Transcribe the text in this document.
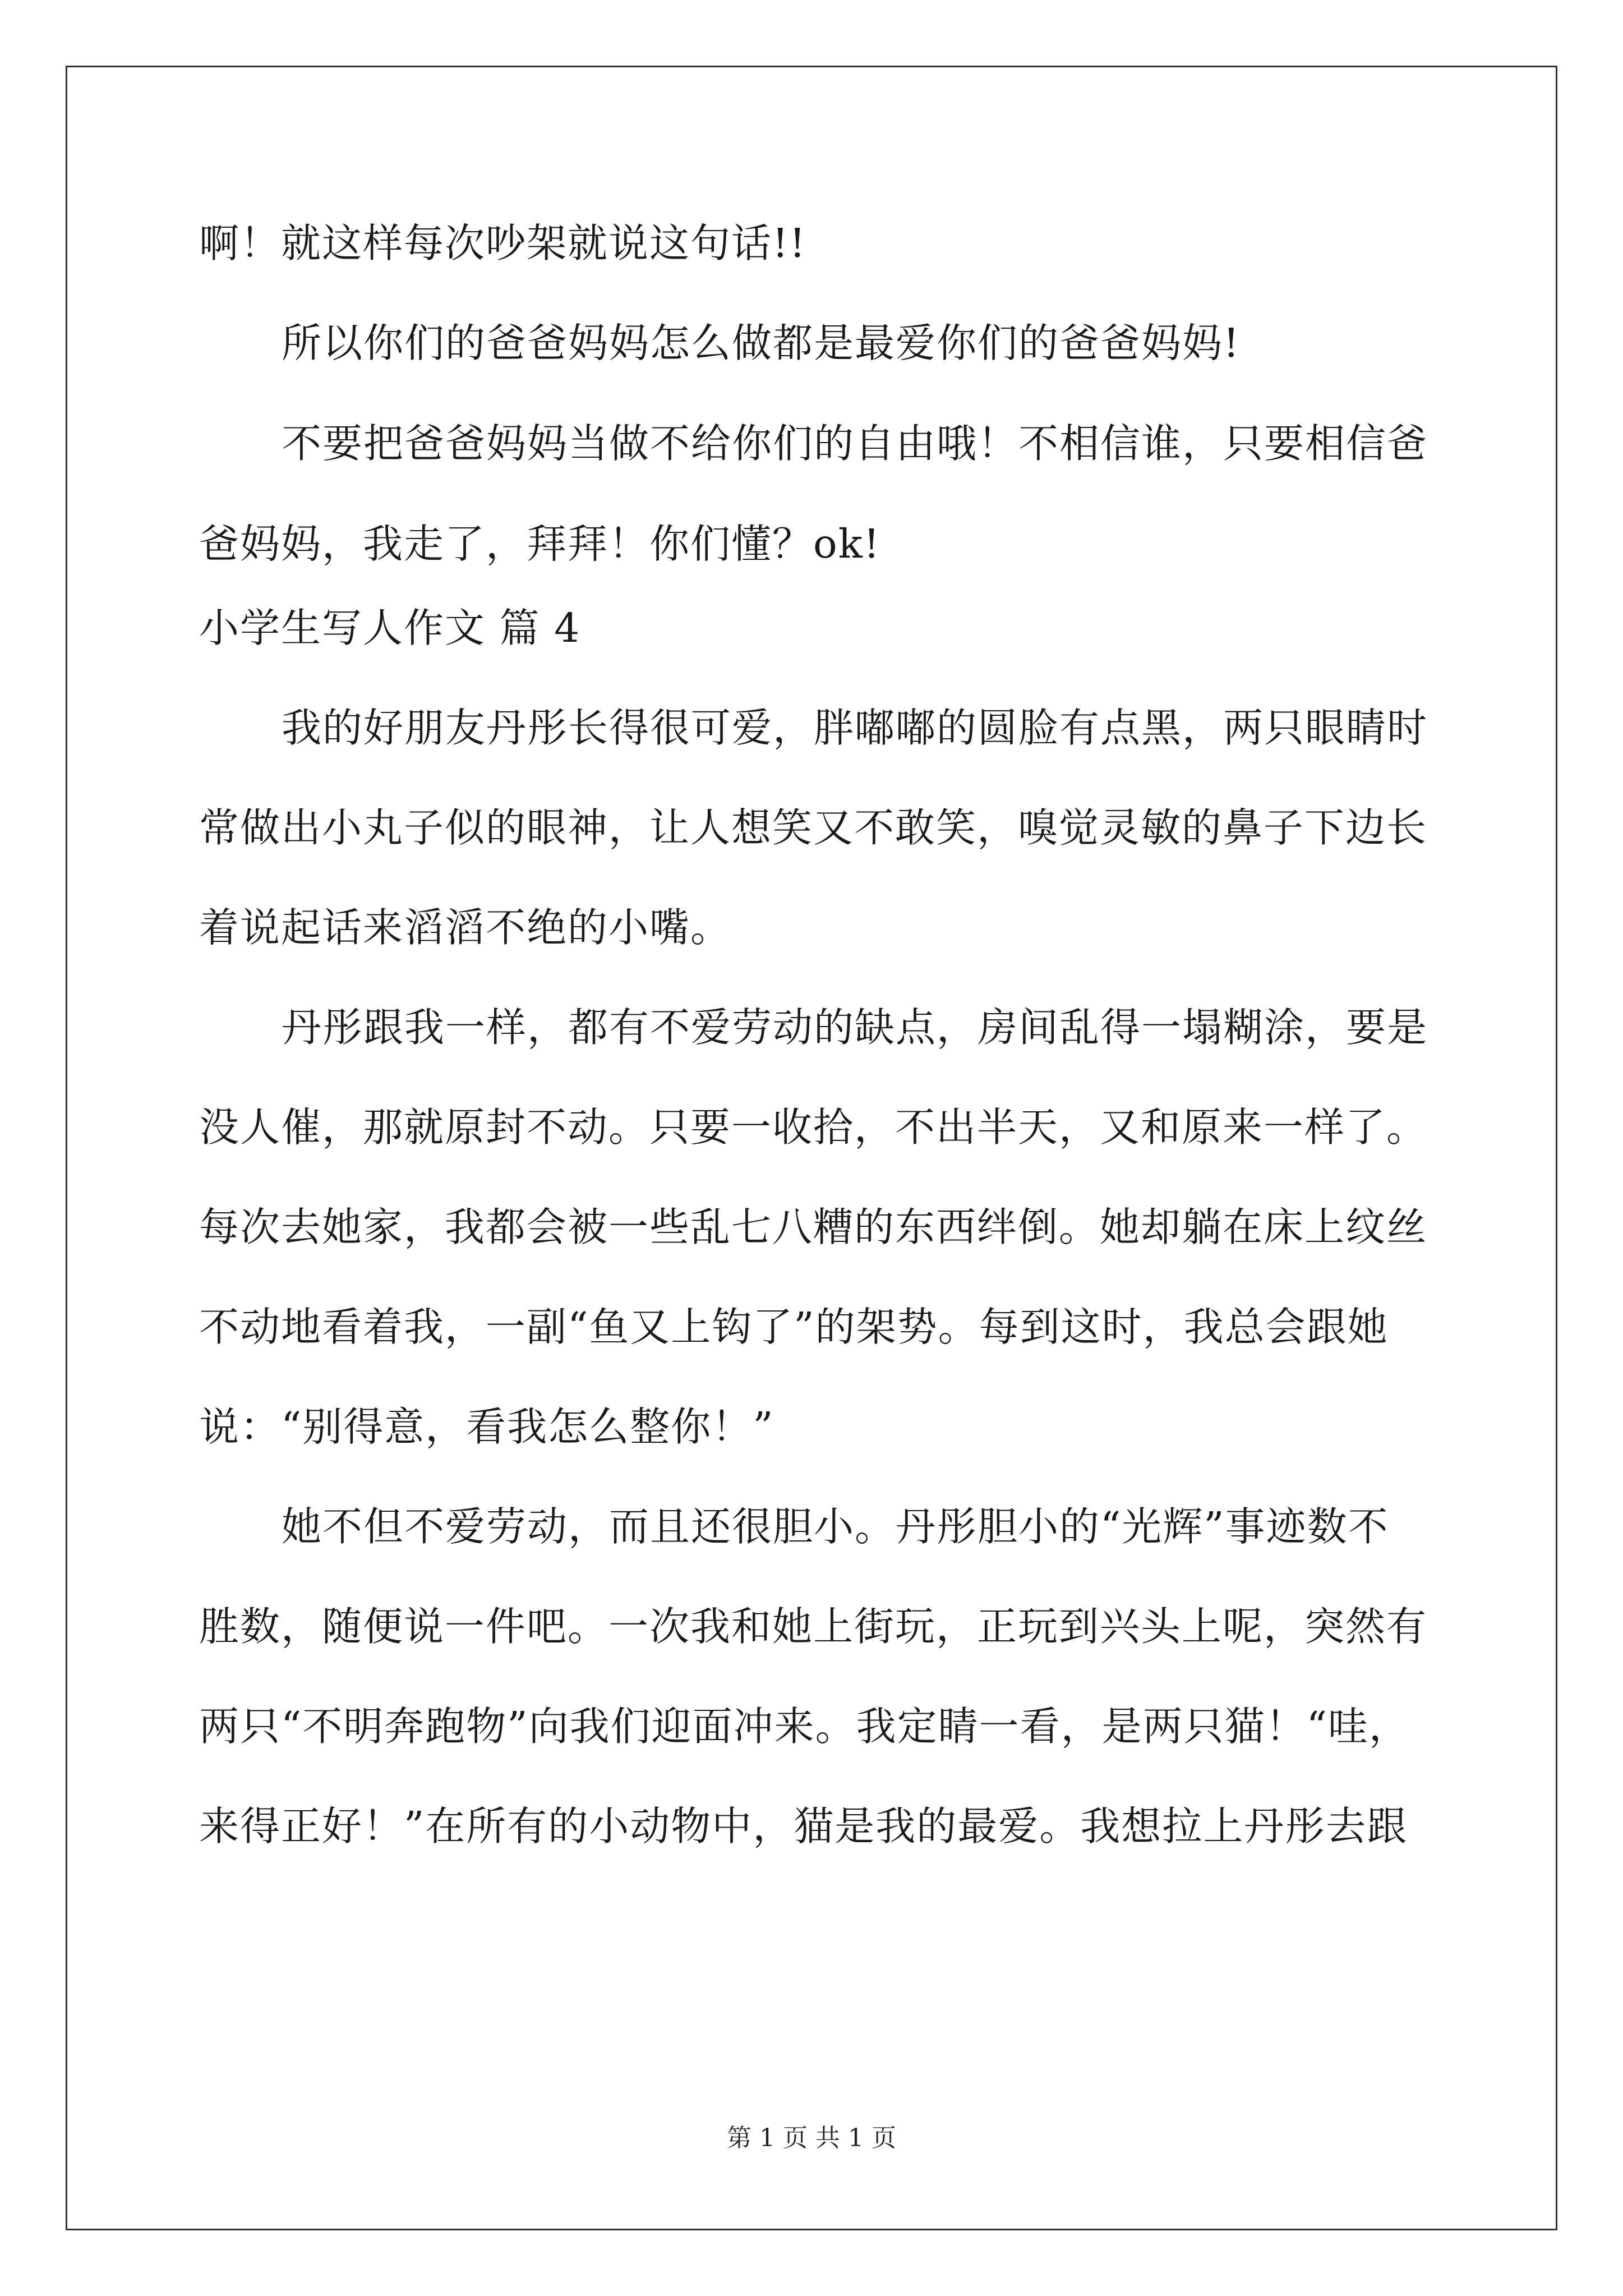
啊！就这样每次吵架就说这句话!!
所以你们的爸爸妈妈怎么做都是最爱你们的爸爸妈妈!
不要把爸爸妈妈当做不给你们的自由哦！不相信谁，只要相信爸
爸妈妈，我走了，拜拜！你们懂？ok!
小学生写人作文 篇 4
我的好朋友丹彤长得很可爱，胖嘟嘟的圆脸有点黑，两只眼睛时
常做出小丸子似的眼神，让人想笑又不敢笑，嗅觉灵敏的鼻子下边长
着说起话来滔滔不绝的小嘴。
丹彤跟我一样，都有不爱劳动的缺点，房间乱得一塌糊涂，要是
没人催，那就原封不动。只要一收拾，不出半天，又和原来一样了。
每次去她家，我都会被一些乱七八糟的东西绊倒。她却躺在床上纹丝
不动地看着我，一副“鱼又上钩了”的架势。每到这时，我总会跟她
说：“别得意，看我怎么整你！”
她不但不爱劳动，而且还很胆小。丹彤胆小的“光辉”事迹数不
胜数，随便说一件吧。一次我和她上街玩，正玩到兴头上呢，突然有
两只“不明奔跑物”向我们迎面冲来。我定睛一看，是两只猫！“哇，
来得正好！”在所有的小动物中，猫是我的最爱。我想拉上丹彤去跟
第 1 页 共 1 页
